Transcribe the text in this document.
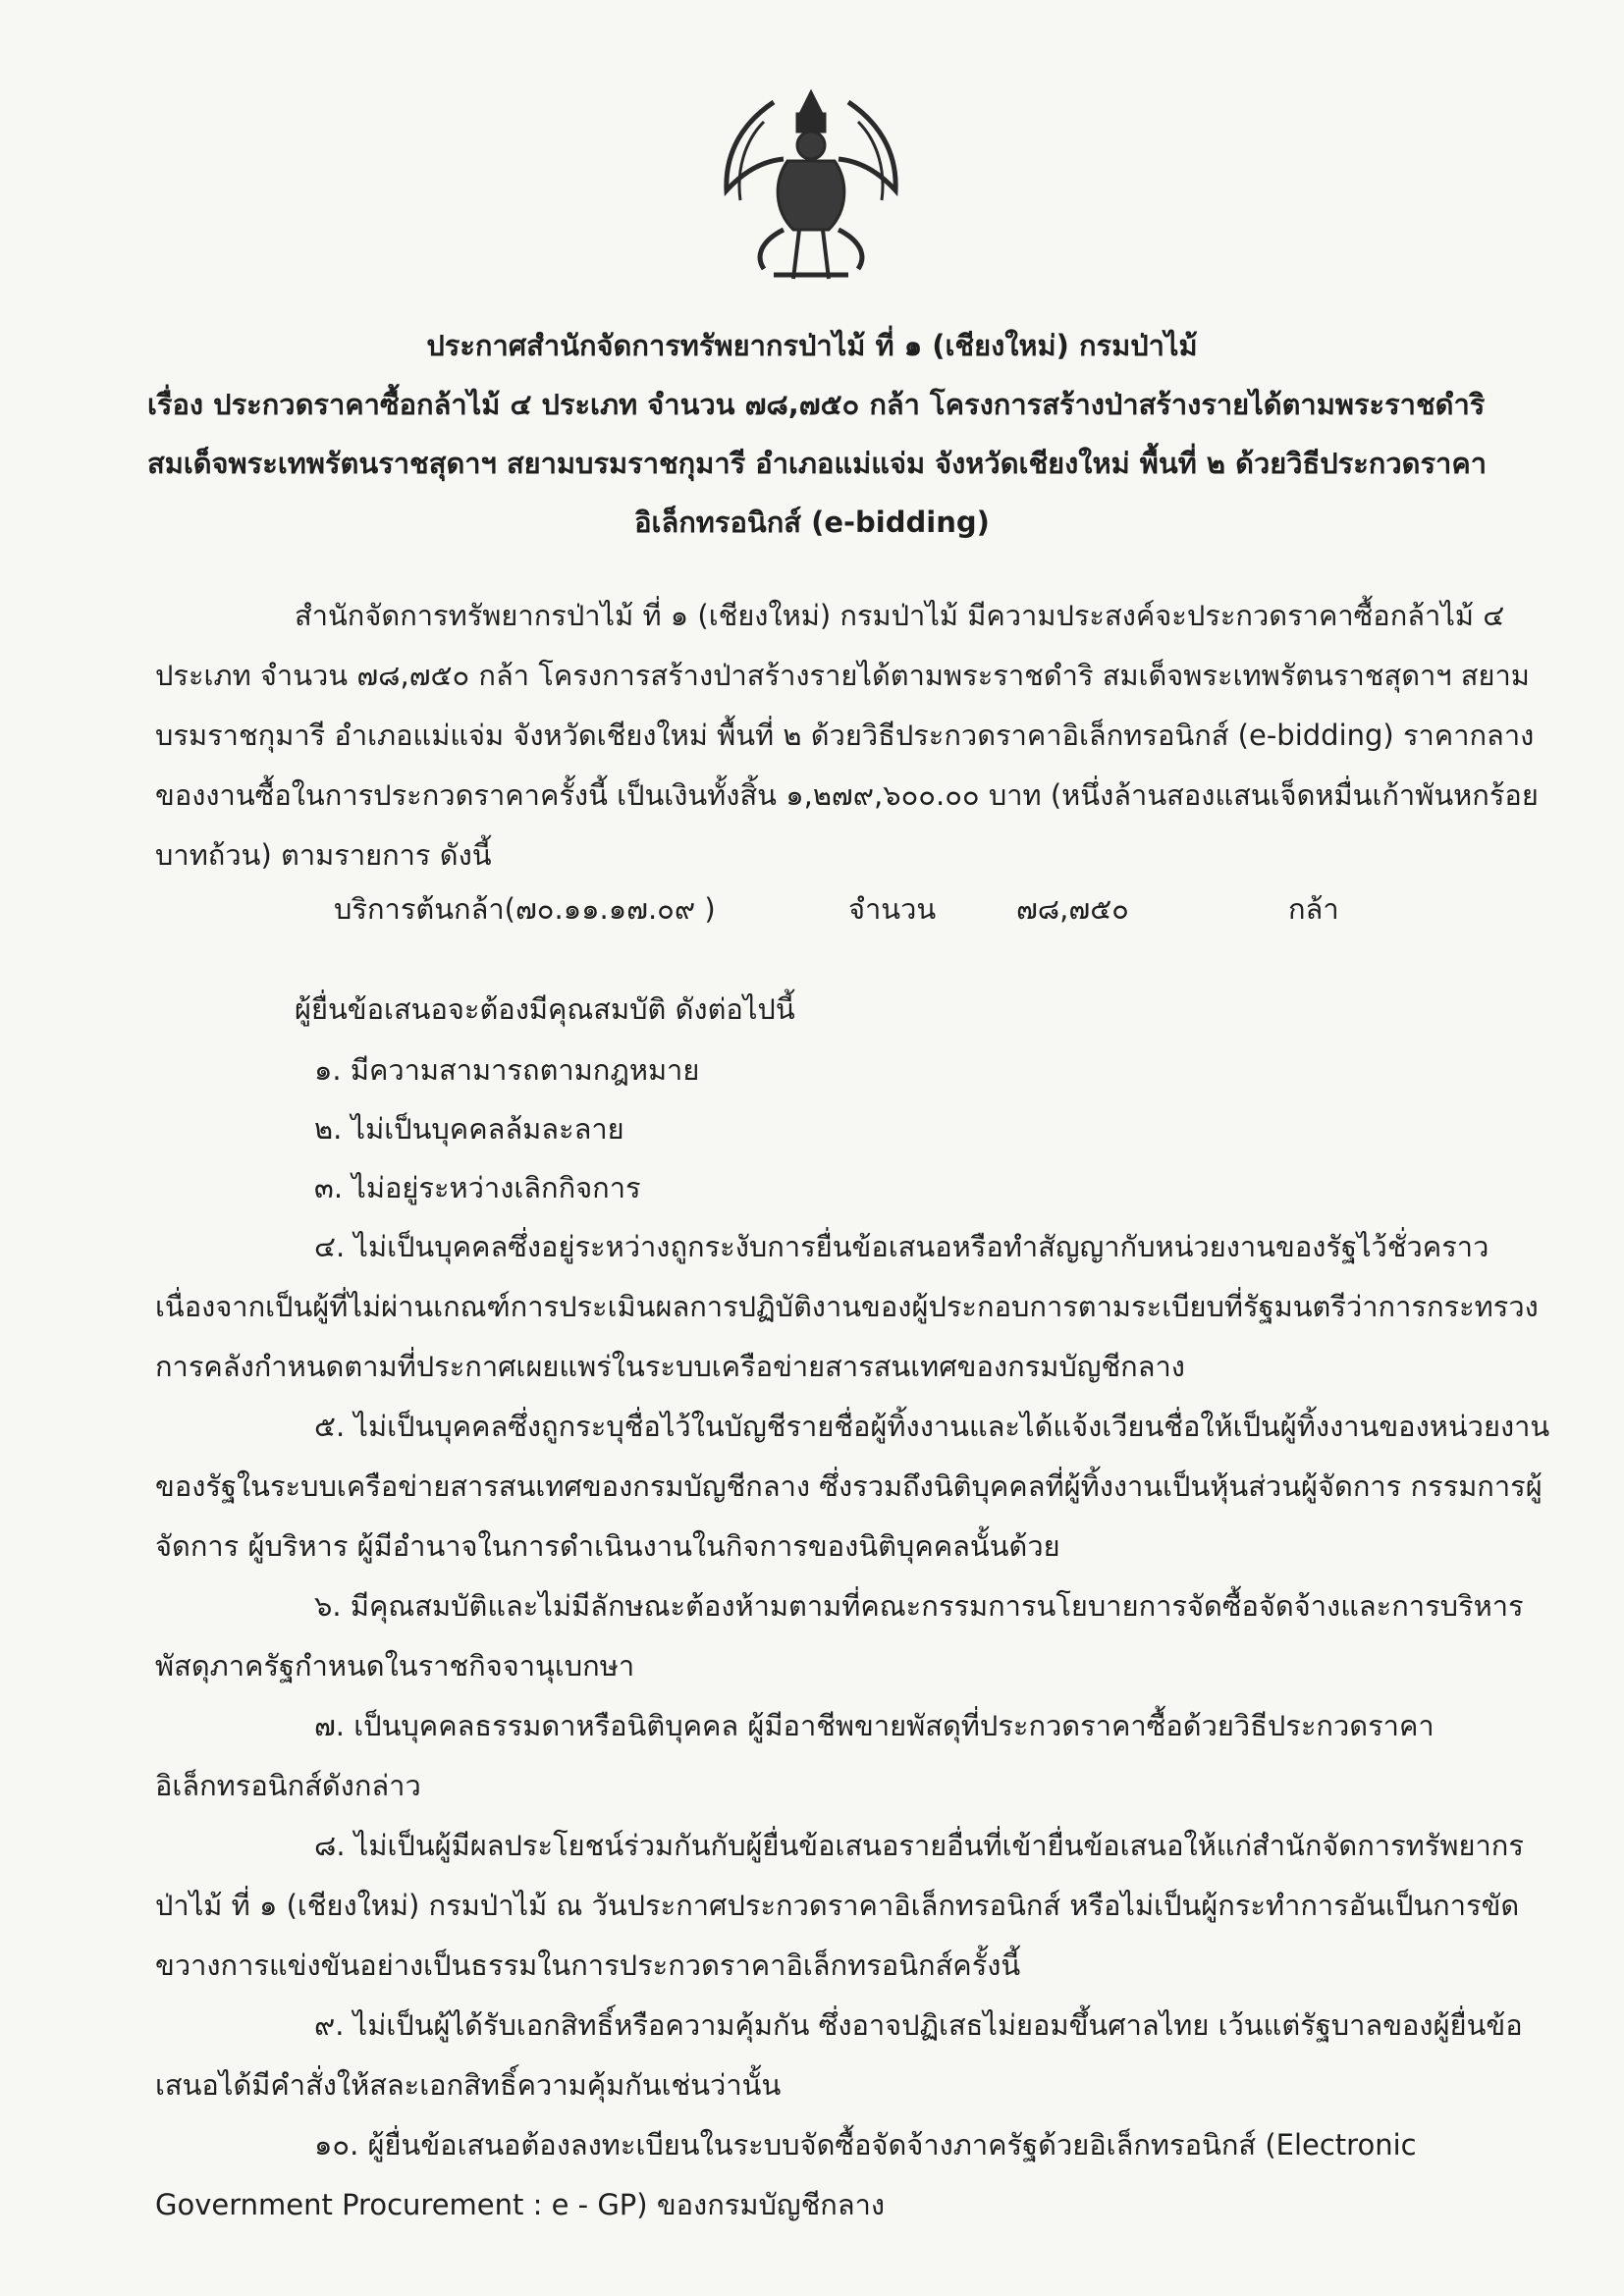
ประกาศสำนักจัดการทรัพยากรป่าไม้ ที่ ๑ (เชียงใหม่) กรมป่าไม้
เรื่อง ประกวดราคาซื้อกล้าไม้ ๔ ประเภท จำนวน ๗๘,๗๕๐ กล้า โครงการสร้างป่าสร้างรายได้ตามพระราชดำริ
สมเด็จพระเทพรัตนราชสุดาฯ สยามบรมราชกุมารี อำเภอแม่แจ่ม จังหวัดเชียงใหม่ พื้นที่ ๒ ด้วยวิธีประกวดราคา
อิเล็กทรอนิกส์ (e-bidding)
สำนักจัดการทรัพยากรป่าไม้ ที่ ๑ (เชียงใหม่) กรมป่าไม้ มีความประสงค์จะประกวดราคาซื้อกล้าไม้ ๔
ประเภท จำนวน ๗๘,๗๕๐ กล้า โครงการสร้างป่าสร้างรายได้ตามพระราชดำริ สมเด็จพระเทพรัตนราชสุดาฯ สยาม
บรมราชกุมารี อำเภอแม่แจ่ม จังหวัดเชียงใหม่ พื้นที่ ๒ ด้วยวิธีประกวดราคาอิเล็กทรอนิกส์ (e-bidding) ราคากลาง
ของงานซื้อในการประกวดราคาครั้งนี้ เป็นเงินทั้งสิ้น ๑,๒๗๙,๖๐๐.๐๐ บาท (หนึ่งล้านสองแสนเจ็ดหมื่นเก้าพันหกร้อย
บาทถ้วน) ตามรายการ ดังนี้
บริการต้นกล้า(๗๐.๑๑.๑๗.๐๙ )	จำนวน	๗๘,๗๕๐	กล้า
ผู้ยื่นข้อเสนอจะต้องมีคุณสมบัติ ดังต่อไปนี้
๑. มีความสามารถตามกฎหมาย
๒. ไม่เป็นบุคคลล้มละลาย
๓. ไม่อยู่ระหว่างเลิกกิจการ
๔. ไม่เป็นบุคคลซึ่งอยู่ระหว่างถูกระงับการยื่นข้อเสนอหรือทำสัญญากับหน่วยงานของรัฐไว้ชั่วคราว
เนื่องจากเป็นผู้ที่ไม่ผ่านเกณฑ์การประเมินผลการปฏิบัติงานของผู้ประกอบการตามระเบียบที่รัฐมนตรีว่าการกระทรวง
การคลังกำหนดตามที่ประกาศเผยแพร่ในระบบเครือข่ายสารสนเทศของกรมบัญชีกลาง
๕. ไม่เป็นบุคคลซึ่งถูกระบุชื่อไว้ในบัญชีรายชื่อผู้ทิ้งงานและได้แจ้งเวียนชื่อให้เป็นผู้ทิ้งงานของหน่วยงาน
ของรัฐในระบบเครือข่ายสารสนเทศของกรมบัญชีกลาง ซึ่งรวมถึงนิติบุคคลที่ผู้ทิ้งงานเป็นหุ้นส่วนผู้จัดการ กรรมการผู้
จัดการ ผู้บริหาร ผู้มีอำนาจในการดำเนินงานในกิจการของนิติบุคคลนั้นด้วย
๖. มีคุณสมบัติและไม่มีลักษณะต้องห้ามตามที่คณะกรรมการนโยบายการจัดซื้อจัดจ้างและการบริหาร
พัสดุภาครัฐกำหนดในราชกิจจานุเบกษา
๗. เป็นบุคคลธรรมดาหรือนิติบุคคล ผู้มีอาชีพขายพัสดุที่ประกวดราคาซื้อด้วยวิธีประกวดราคา
อิเล็กทรอนิกส์ดังกล่าว
๘. ไม่เป็นผู้มีผลประโยชน์ร่วมกันกับผู้ยื่นข้อเสนอรายอื่นที่เข้ายื่นข้อเสนอให้แก่สำนักจัดการทรัพยากร
ป่าไม้ ที่ ๑ (เชียงใหม่) กรมป่าไม้ ณ วันประกาศประกวดราคาอิเล็กทรอนิกส์ หรือไม่เป็นผู้กระทำการอันเป็นการขัด
ขวางการแข่งขันอย่างเป็นธรรมในการประกวดราคาอิเล็กทรอนิกส์ครั้งนี้
๙. ไม่เป็นผู้ได้รับเอกสิทธิ์หรือความคุ้มกัน ซึ่งอาจปฏิเสธไม่ยอมขึ้นศาลไทย เว้นแต่รัฐบาลของผู้ยื่นข้อ
เสนอได้มีคำสั่งให้สละเอกสิทธิ์ความคุ้มกันเช่นว่านั้น
๑๐. ผู้ยื่นข้อเสนอต้องลงทะเบียนในระบบจัดซื้อจัดจ้างภาครัฐด้วยอิเล็กทรอนิกส์ (Electronic
Government Procurement : e - GP) ของกรมบัญชีกลาง
